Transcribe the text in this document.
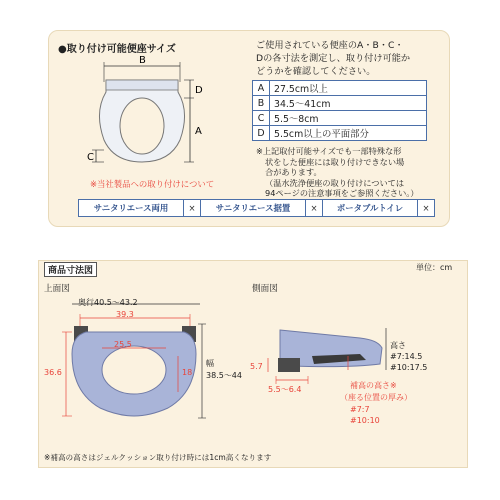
●取り付け可能便座サイズ
B
D
A
C
ご使用されている便座のA・B・C・
Dの各寸法を測定し、取り付け可能か
どうかを確認してください。
A	27.5cm以上
B	34.5～41cm
C	5.5～8cm
D	5.5cm以上の平面部分
※上記取付可能サイズでも一部特殊な形
状をした便座には取り付けできない場
合があります。
（温水洗浄便座の取り付けについては
94ページの注意事項をご参照ください。）
※当社製品への取り付けについて
サニタリエース両用	×	サニタリエース据置	×	ポータブルトイレ	×
商品寸法図	単位：cm
上面図	側面図
奥行40.5～43.2
39.3
25.5
36.6	18
幅
38.5～44
高さ
#7:14.5
#10:17.5
5.7
5.5～6.4	補高の高さ※
（座る位置の厚み）
#7:7
#10:10
※補高の高さはジェルクッション取り付け時には1cm高くなります
